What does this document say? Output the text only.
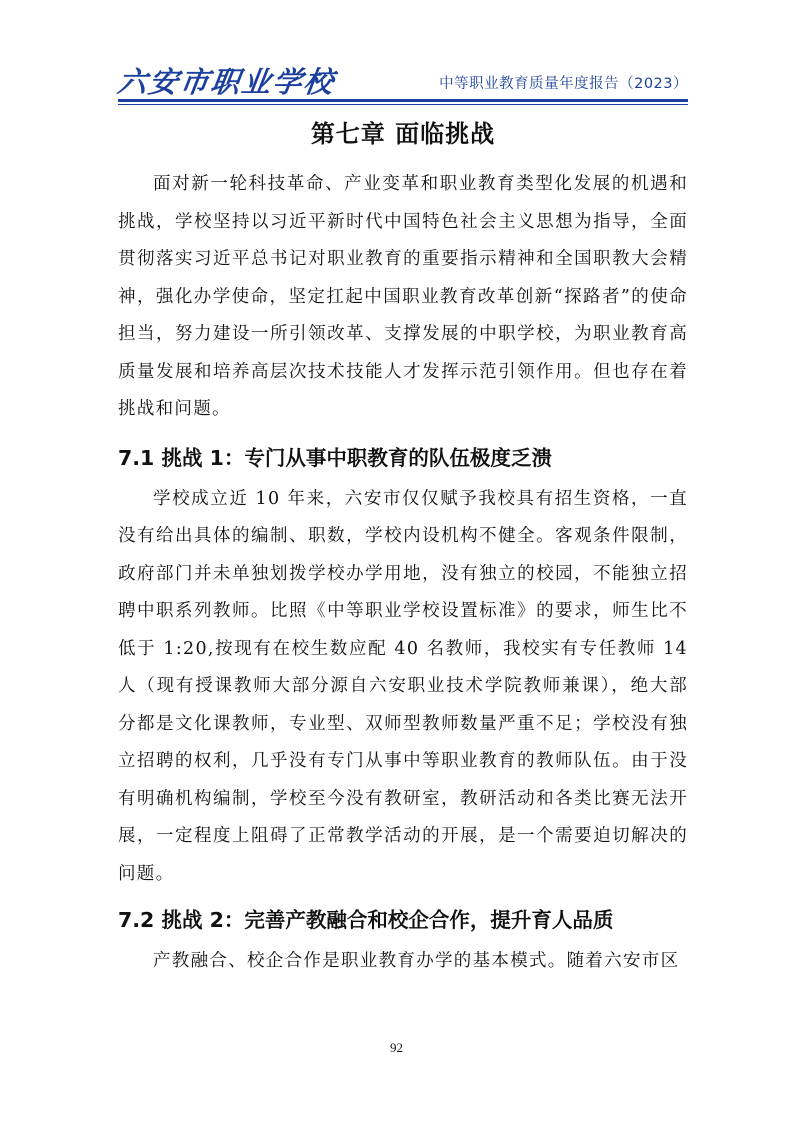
六安市职业学校	中等职业教育质量年度报告（2023）
第七章 面临挑战

面对新一轮科技革命、产业变革和职业教育类型化发展的机遇和挑战，学校坚持以习近平新时代中国特色社会主义思想为指导，全面贯彻落实习近平总书记对职业教育的重要指示精神和全国职教大会精神，强化办学使命，坚定扛起中国职业教育改革创新“探路者”的使命担当，努力建设一所引领改革、支撑发展的中职学校，为职业教育高质量发展和培养高层次技术技能人才发挥示范引领作用。但也存在着挑战和问题。

7.1 挑战 1：专门从事中职教育的队伍极度乏溃

学校成立近 10 年来，六安市仅仅赋予我校具有招生资格，一直没有给出具体的编制、职数，学校内设机构不健全。客观条件限制，政府部门并未单独划拨学校办学用地，没有独立的校园，不能独立招聘中职系列教师。比照《中等职业学校设置标准》的要求，师生比不低于 1:20,按现有在校生数应配 40 名教师，我校实有专任教师 14 人（现有授课教师大部分源自六安职业技术学院教师兼课），绝大部分都是文化课教师，专业型、双师型教师数量严重不足；学校没有独立招聘的权利，几乎没有专门从事中等职业教育的教师队伍。由于没有明确机构编制，学校至今没有教研室，教研活动和各类比赛无法开展，一定程度上阻碍了正常教学活动的开展，是一个需要迫切解决的问题。

7.2 挑战 2：完善产教融合和校企合作，提升育人品质

产教融合、校企合作是职业教育办学的基本模式。随着六安市区

92
